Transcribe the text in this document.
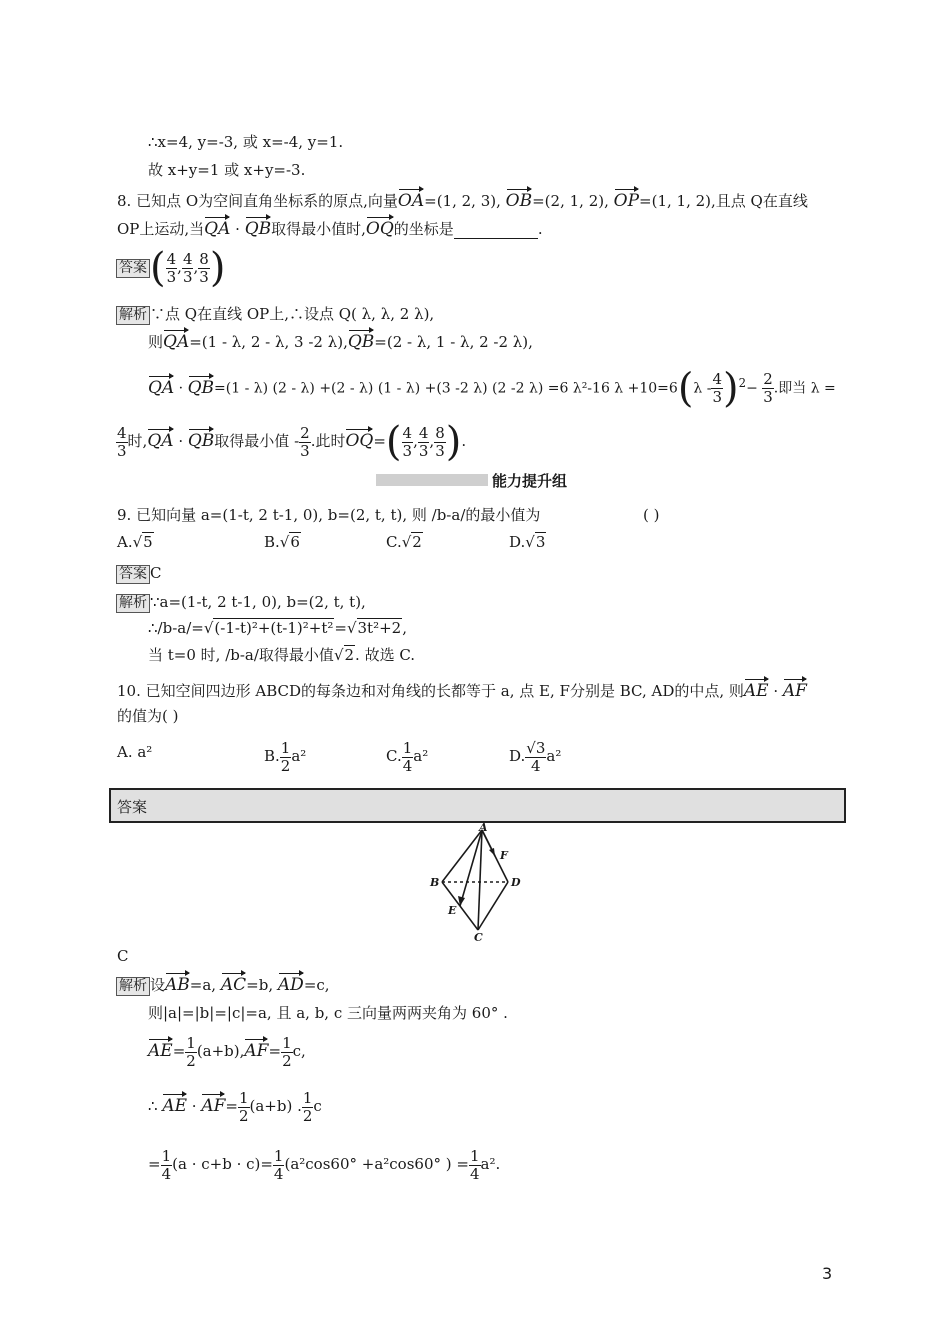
∴x=4, y=-3, 或 x=-4, y=1.
故 x+y=1 或 x+y=-3.
8. 已知点 O为空间直角坐标系的原点,向量OA=(1, 2, 3), OB=(2, 1, 2), OP=(1, 1, 2),且点 Q在直线
OP上运动,当QA · QB取得最小值时,OQ的坐标是	.
答案( $\frac{4}{3}$ , $\frac{4}{3}$ , $\frac{8}{3}$ )
解析 ∵点 Q在直线 OP上,∴设点 Q( λ, λ, 2 λ),
则QA=(1 - λ, 2 - λ, 3 -2 λ),QB=(2 - λ, 1 - λ, 2 -2 λ),
QA · QB=(1 - λ) (2 - λ) +(2 - λ) (1 - λ) +(3 -2 λ) (2 -2 λ) =6 λ²-16 $\lambda +10=6(\lambda - \frac{4}{3} )^2- \frac{2}{3}$ .即当 λ =
$\frac{4}{3}$ 时,QA · QB取得最小值 - $\frac{2}{3}$ .此时$OQ=( \frac{4}{3}$ , $\frac{4}{3}$ , $\frac{8}{3}$ ).
能力提升组
9. 已知向量 a=(1-t, 2 t-1, 0), b=(2, t, t), 则 /b-a/的最小值为	( )
A.√5	B.√6	C.√2	D.√3
答案 C
解析 ∵a=(1-t, 2 t-1, 0), b=(2, t, t),
∴/b-a/=√(-1-t)²+(t-1)²+t²=√3t²+2,
当 t=0 时, /b-a/取得最小值√2. 故选 C.
10. 已知空间四边形 ABCD的每条边和对角线的长都等于 a, 点 E, F分别是 BC, AD的中点, 则AE · AF
的值为( )
A. a²	B. $\frac{1}{2} a^2$	C. $\frac{1}{4} a^2$	D. $\frac{√3}{4} a^2$
答案
A
B
C
D
E
F
C
解析 设AB=a, AC=b, AD=c,
则|a|=|b|=|c|=a, 且 a, b, c 三向量两两夹角为 60° .
$AE= \frac{1}{2} (a+b),AF= \frac{1}{2} c$,
∴ AE · $AF= \frac{1}{2} (a+b)$ . $\frac{1}{2}$ c
= $\frac{1}{4} (a \cdot c+b \cdot c)= \frac{1}{4} (a^2\cos 60^\circ +a^2\cos 60^\circ$ ) = $\frac{1}{4} a^2$.
3
